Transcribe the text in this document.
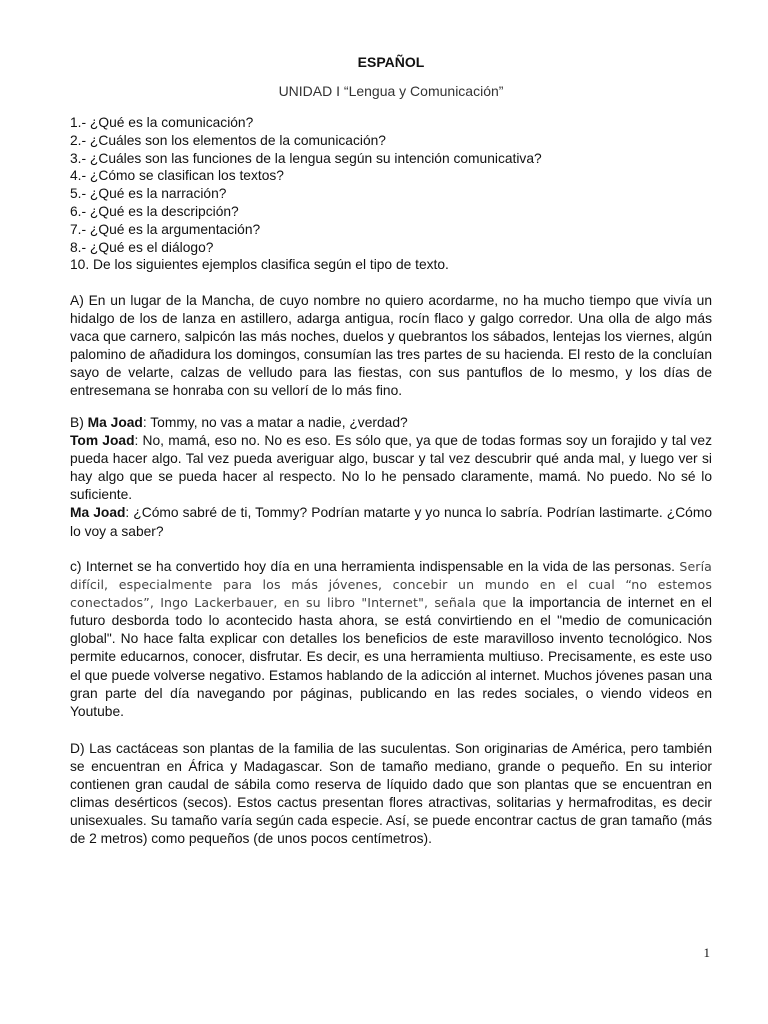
ESPAÑOL
UNIDAD I “Lengua y Comunicación”
1.- ¿Qué es la comunicación?
2.- ¿Cuáles son los elementos de la comunicación?
3.- ¿Cuáles son las funciones de la lengua según su intención comunicativa?
4.- ¿Cómo se clasifican los textos?
5.- ¿Qué es la narración?
6.- ¿Qué es la descripción?
7.- ¿Qué es la argumentación?
8.- ¿Qué es el diálogo?
10. De los siguientes ejemplos clasifica según el tipo de texto.

A) En un lugar de la Mancha, de cuyo nombre no quiero acordarme, no ha mucho tiempo que vivía un hidalgo de los de lanza en astillero, adarga antigua, rocín flaco y galgo corredor. Una olla de algo más vaca que carnero, salpicón las más noches, duelos y quebrantos los sábados, lentejas los viernes, algún palomino de añadidura los domingos, consumían las tres partes de su hacienda. El resto de la concluían sayo de velarte, calzas de velludo para las fiestas, con sus pantuflos de lo mesmo, y los días de entresemana se honraba con su vellorí de lo más fino.

B) Ma Joad: Tommy, no vas a matar a nadie, ¿verdad?

Tom Joad: No, mamá, eso no. No es eso. Es sólo que, ya que de todas formas soy un forajido y tal vez pueda hacer algo. Tal vez pueda averiguar algo, buscar y tal vez descubrir qué anda mal, y luego ver si hay algo que se pueda hacer al respecto. No lo he pensado claramente, mamá. No puedo. No sé lo suficiente.

Ma Joad: ¿Cómo sabré de ti, Tommy? Podrían matarte y yo nunca lo sabría. Podrían lastimarte. ¿Cómo lo voy a saber?

c) Internet se ha convertido hoy día en una herramienta indispensable en la vida de las personas. Sería difícil, especialmente para los más jóvenes, concebir un mundo en el cual “no estemos conectados”, Ingo Lackerbauer, en su libro "Internet", señala que la importancia de internet en el futuro desborda todo lo acontecido hasta ahora, se está convirtiendo en el "medio de comunicación global". No hace falta explicar con detalles los beneficios de este maravilloso invento tecnológico. Nos permite educarnos, conocer, disfrutar. Es decir, es una herramienta multiuso. Precisamente, es este uso el que puede volverse negativo. Estamos hablando de la adicción al internet. Muchos jóvenes pasan una gran parte del día navegando por páginas, publicando en las redes sociales, o viendo videos en Youtube.

D) Las cactáceas son plantas de la familia de las suculentas. Son originarias de América, pero también se encuentran en África y Madagascar. Son de tamaño mediano, grande o pequeño. En su interior contienen gran caudal de sábila como reserva de líquido dado que son plantas que se encuentran en climas desérticos (secos). Estos cactus presentan flores atractivas, solitarias y hermafroditas, es decir unisexuales. Su tamaño varía según cada especie. Así, se puede encontrar cactus de gran tamaño (más de 2 metros) como pequeños (de unos pocos centímetros).

1
